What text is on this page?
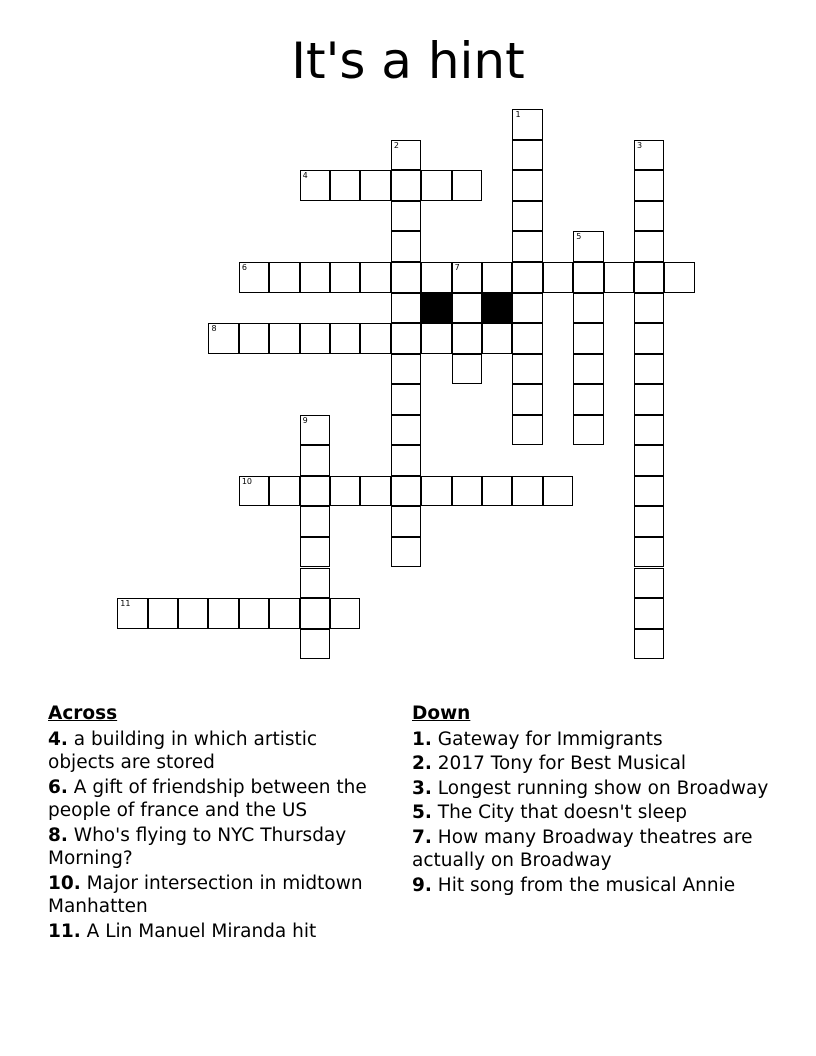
It's a hint
1
2	3
4
5
6	7
8
9
10
11
Across
4. a building in which artistic objects are stored
6. A gift of friendship between the people of france and the US
8. Who's flying to NYC Thursday Morning?
10. Major intersection in midtown Manhatten
11. A Lin Manuel Miranda hit
Down
1. Gateway for Immigrants
2. 2017 Tony for Best Musical
3. Longest running show on Broadway
5. The City that doesn't sleep
7. How many Broadway theatres are actually on Broadway
9. Hit song from the musical Annie
